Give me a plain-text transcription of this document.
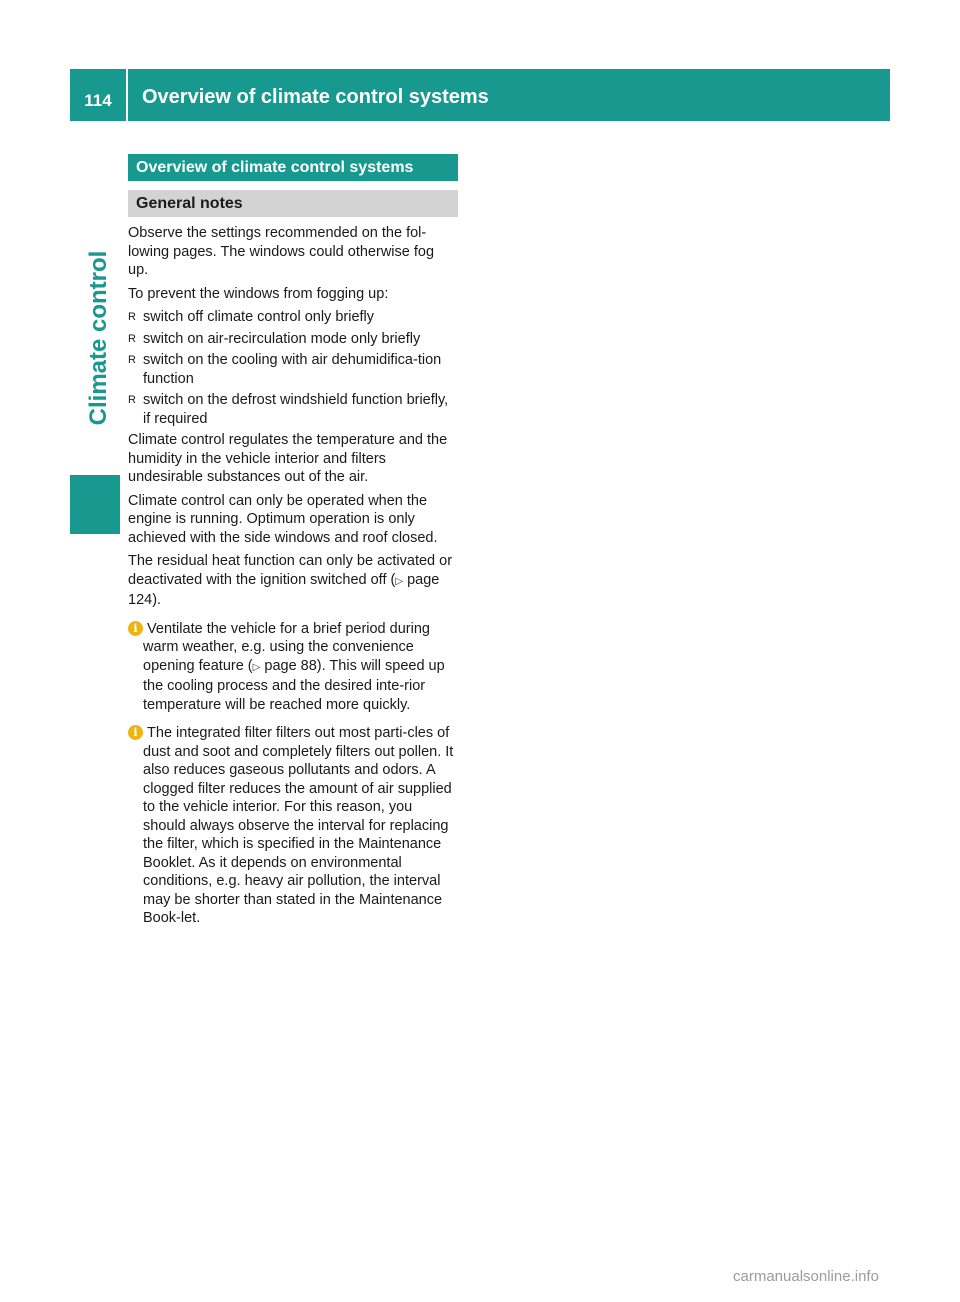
114	Overview of climate control systems
Climate control
Overview of climate control systems
General notes

Observe the settings recommended on the fol-lowing pages. The windows could otherwise fog up.

To prevent the windows from fogging up:

R switch off climate control only briefly
R switch on air-recirculation mode only briefly
R switch on the cooling with air dehumidifica-tion function
R switch on the defrost windshield function briefly, if required

Climate control regulates the temperature and the humidity in the vehicle interior and filters undesirable substances out of the air.

Climate control can only be operated when the engine is running. Optimum operation is only achieved with the side windows and roof closed.

The residual heat function can only be activated or deactivated with the ignition switched off (▷ page 124).

i Ventilate the vehicle for a brief period during warm weather, e.g. using the convenience opening feature (▷ page 88). This will speed up the cooling process and the desired inte-rior temperature will be reached more quickly.
i The integrated filter filters out most parti-cles of dust and soot and completely filters out pollen. It also reduces gaseous pollutants and odors. A clogged filter reduces the amount of air supplied to the vehicle interior. For this reason, you should always observe the interval for replacing the filter, which is specified in the Maintenance Booklet. As it depends on environmental conditions, e.g. heavy air pollution, the interval may be shorter than stated in the Maintenance Book-let.
carmanualsonline.info
